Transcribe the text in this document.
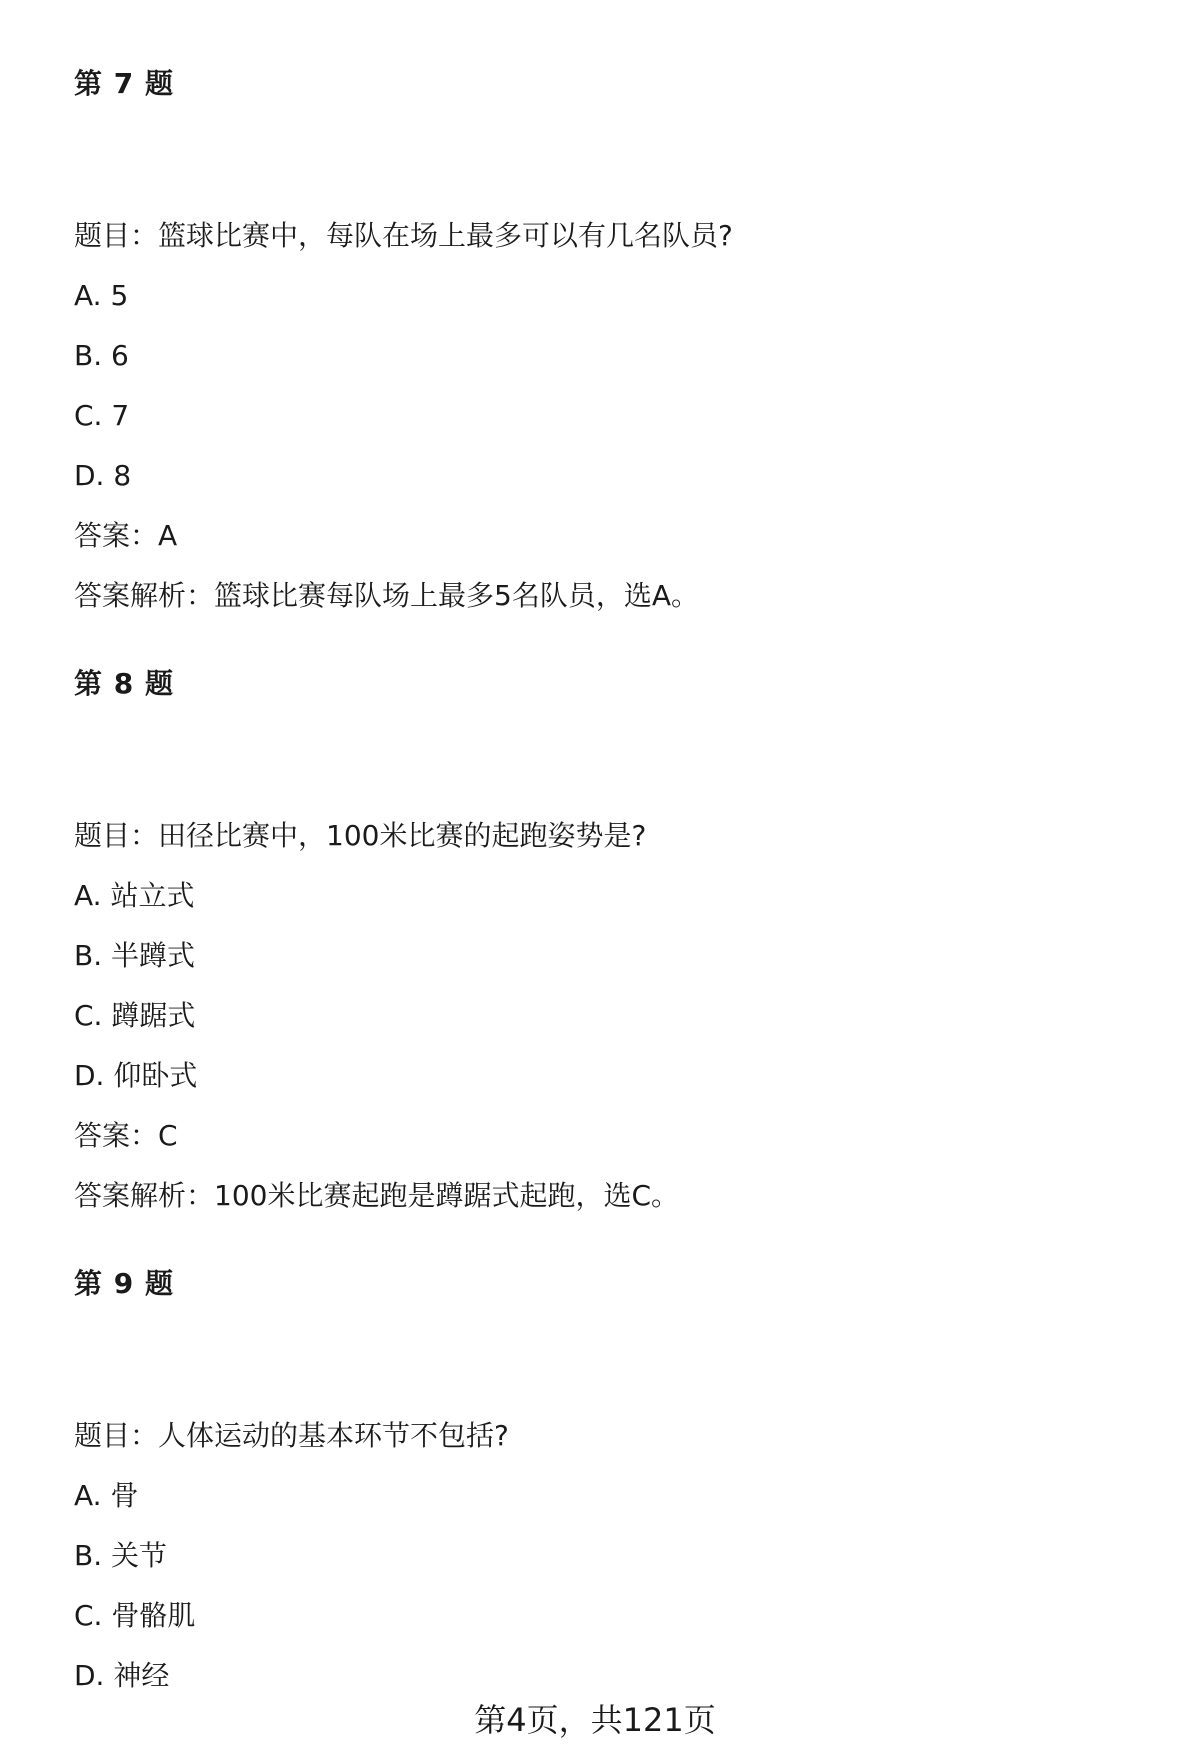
第 7 题
题目：篮球比赛中，每队在场上最多可以有几名队员?
A. 5
B. 6
C. 7
D. 8
答案：A
答案解析：篮球比赛每队场上最多5名队员，选A。
第 8 题
题目：田径比赛中，100米比赛的起跑姿势是?
A. 站立式
B. 半蹲式
C. 蹲踞式
D. 仰卧式
答案：C
答案解析：100米比赛起跑是蹲踞式起跑，选C。
第 9 题
题目：人体运动的基本环节不包括?
A. 骨
B. 关节
C. 骨骼肌
D. 神经
第4页，共121页
